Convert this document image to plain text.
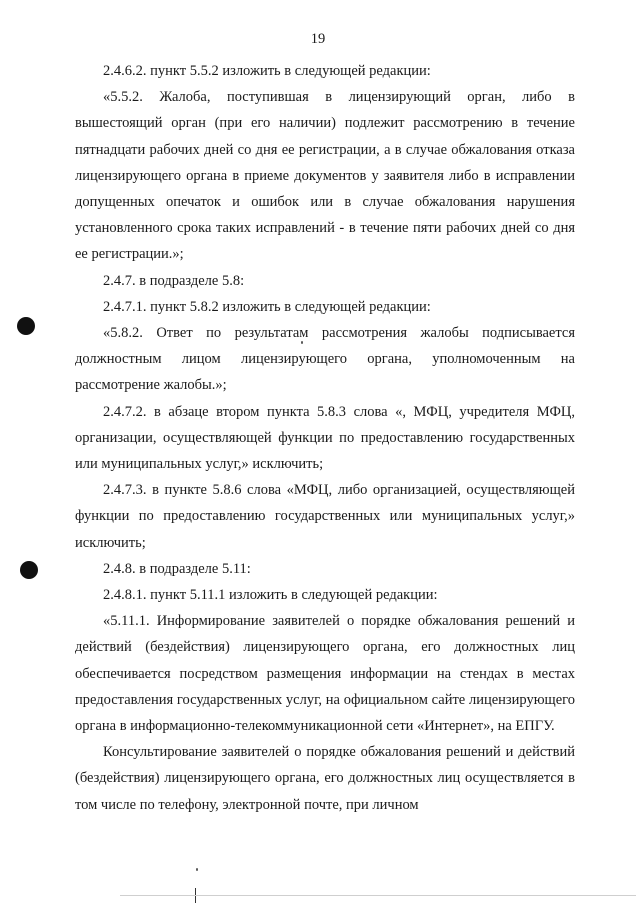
19

2.4.6.2. пункт 5.5.2 изложить в следующей редакции:

«5.5.2. Жалоба, поступившая в лицензирующий орган, либо в вышестоящий орган (при его наличии) подлежит рассмотрению в течение пятнадцати рабочих дней со дня ее регистрации, а в случае обжалования отказа лицензирующего органа в приеме документов у заявителя либо в исправлении допущенных опечаток и ошибок или в случае обжалования нарушения установленного срока таких исправлений - в течение пяти рабочих дней со дня ее регистрации.»;

2.4.7. в подразделе 5.8:

2.4.7.1. пункт 5.8.2 изложить в следующей редакции:

«5.8.2. Ответ по результатам рассмотрения жалобы подписывается должностным лицом лицензирующего органа, уполномоченным на рассмотрение жалобы.»;

2.4.7.2. в абзаце втором пункта 5.8.3 слова «, МФЦ, учредителя МФЦ, организации, осуществляющей функции по предоставлению государственных или муниципальных услуг,» исключить;

2.4.7.3. в пункте 5.8.6 слова «МФЦ, либо организацией, осуществляющей функции по предоставлению государственных или муниципальных услуг,» исключить;

2.4.8. в подразделе 5.11:

2.4.8.1. пункт 5.11.1 изложить в следующей редакции:

«5.11.1. Информирование заявителей о порядке обжалования решений и действий (бездействия) лицензирующего органа, его должностных лиц обеспечивается посредством размещения информации на стендах в местах предоставления государственных услуг, на официальном сайте лицензирующего органа в информационно-телекоммуникационной сети «Интернет», на ЕПГУ.

Консультирование заявителей о порядке обжалования решений и действий (бездействия) лицензирующего органа, его должностных лиц осуществляется в том числе по телефону, электронной почте, при личном
